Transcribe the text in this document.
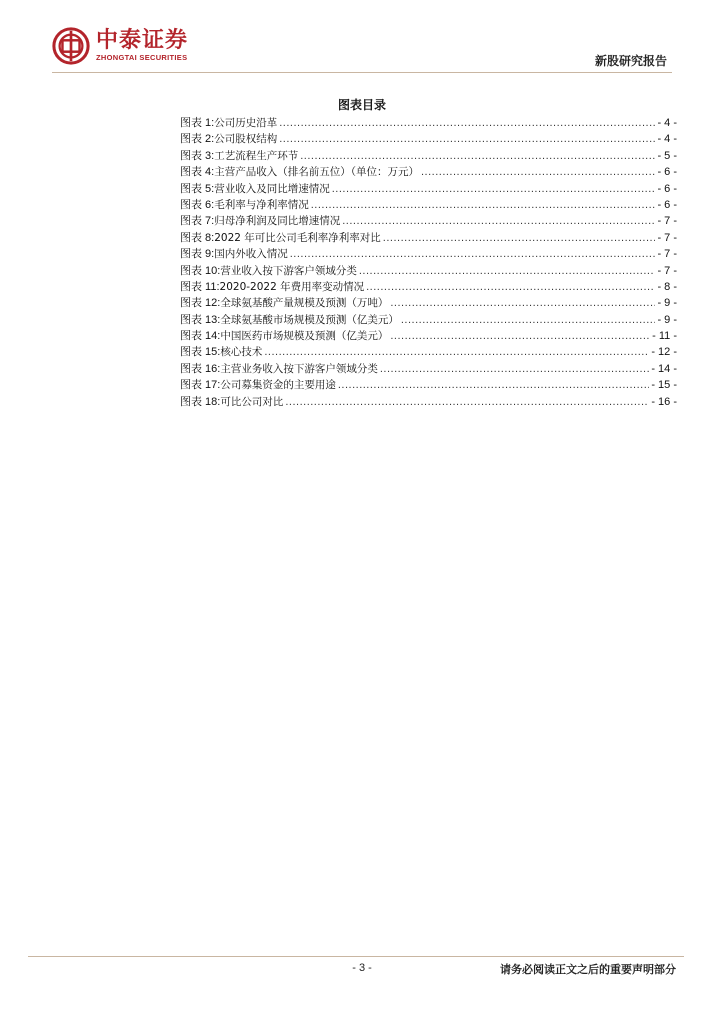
中泰证券
ZHONGTAI SECURITIES	新股研究报告
图表目录
图表 1: 公司历史沿革 .....	- 4 -
图表 2: 公司股权结构 .....	- 4 -
图表 3: 工艺流程生产环节 .....	- 5 -
图表 4: 主营产品收入（排名前五位）（单位：万元） .....	- 6 -
图表 5: 营业收入及同比增速情况 .....	- 6 -
图表 6: 毛利率与净利率情况 .....	- 6 -
图表 7: 归母净利润及同比增速情况 .....	- 7 -
图表 8: 2022 年可比公司毛利率净利率对比 .....	- 7 -
图表 9: 国内外收入情况 .....	- 7 -
图表 10: 营业收入按下游客户领域分类 .....	- 7 -
图表 11: 2020-2022 年费用率变动情况 .....	- 8 -
图表 12: 全球氨基酸产量规模及预测（万吨） .....	- 9 -
图表 13: 全球氨基酸市场规模及预测（亿美元） .....	- 9 -
图表 14: 中国医药市场规模及预测（亿美元） .....	- 11 -
图表 15: 核心技术 .....	- 12 -
图表 16: 主营业务收入按下游客户领域分类 .....	- 14 -
图表 17: 公司募集资金的主要用途 .....	- 15 -
图表 18: 可比公司对比 .....	- 16 -
- 3 -	请务必阅读正文之后的重要声明部分
